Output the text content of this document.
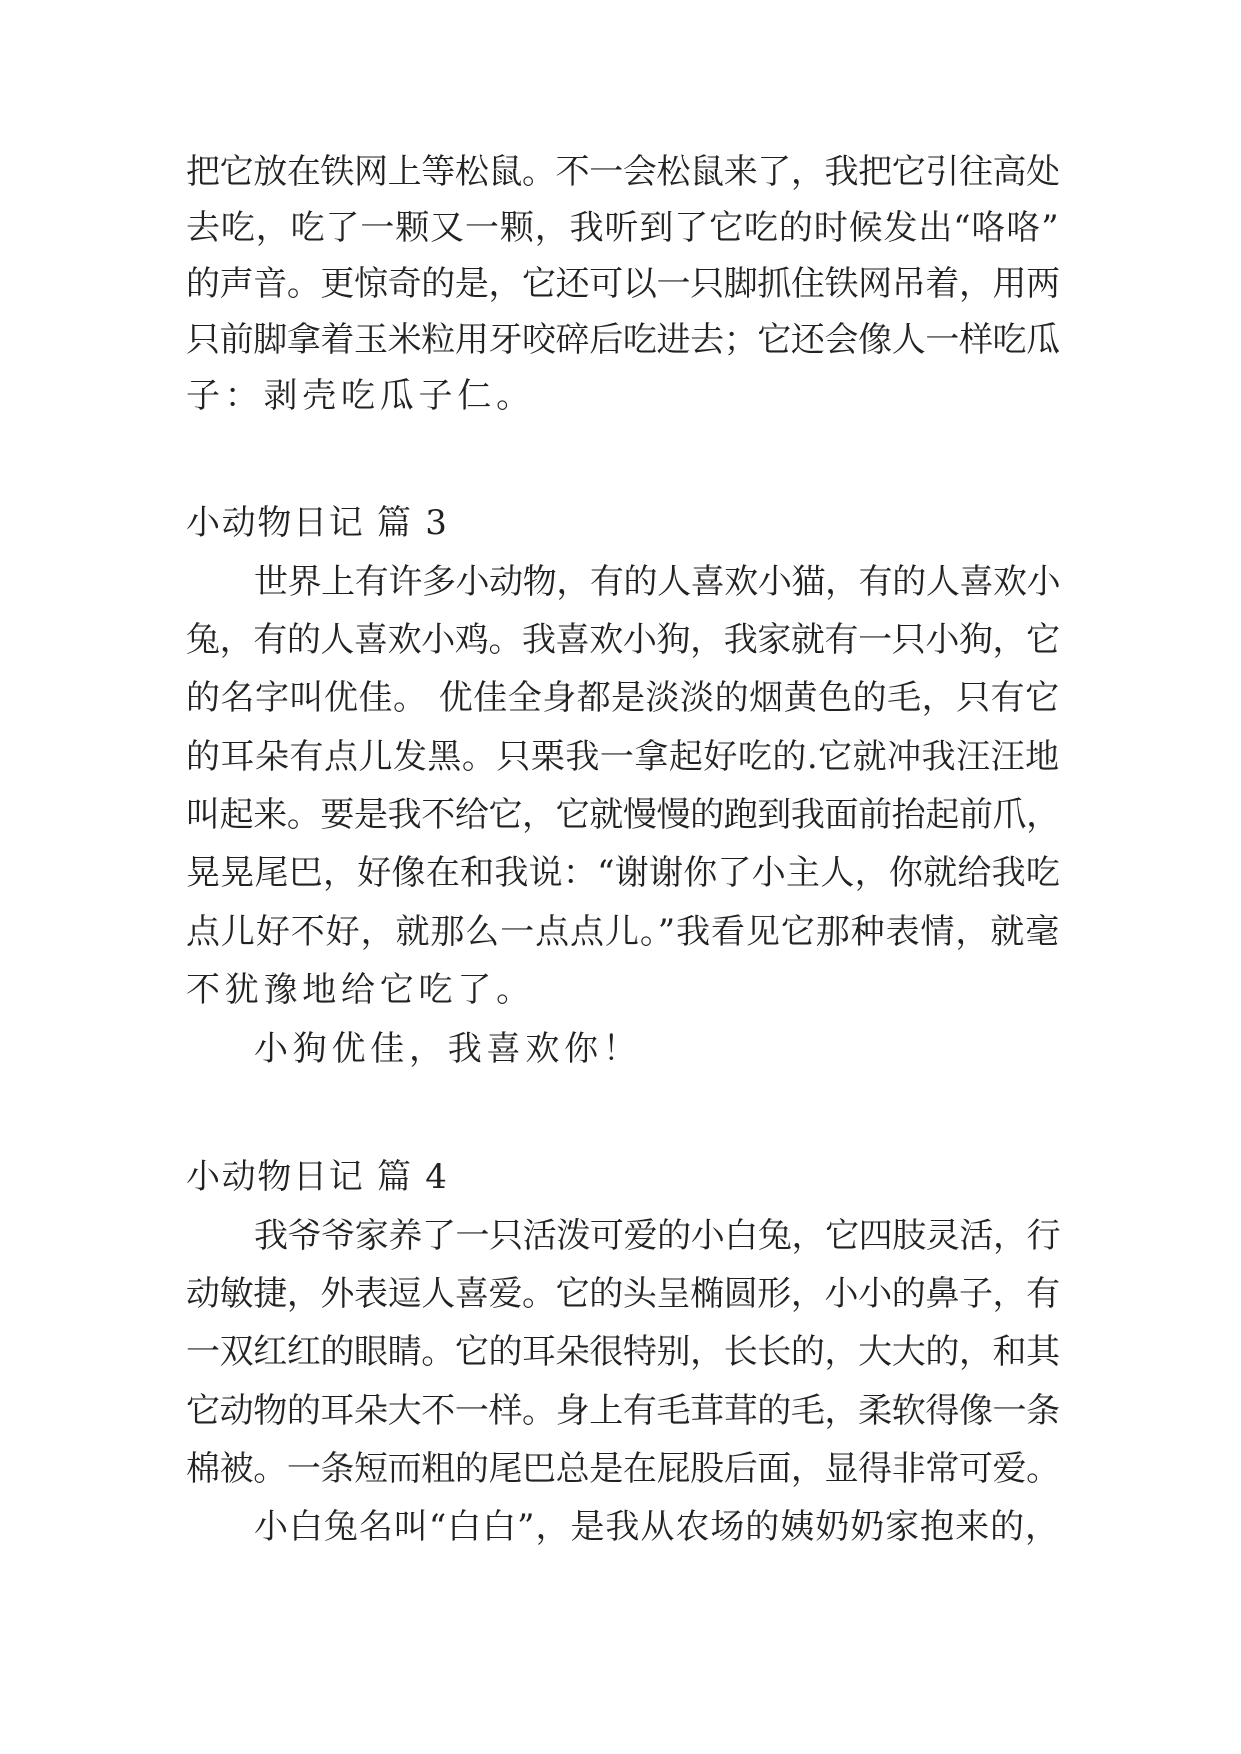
把它放在铁网上等松鼠。不一会松鼠来了，我把它引往高处
去吃，吃了一颗又一颗，我听到了它吃的时候发出“咯咯”
的声音。更惊奇的是，它还可以一只脚抓住铁网吊着，用两
只前脚拿着玉米粒用牙咬碎后吃进去；它还会像人一样吃瓜
子：剥壳吃瓜子仁。
小动物日记 篇 3
世界上有许多小动物，有的人喜欢小猫，有的人喜欢小
兔，有的人喜欢小鸡。我喜欢小狗，我家就有一只小狗，它
的名字叫优佳。 优佳全身都是淡淡的烟黄色的毛，只有它
的耳朵有点儿发黑。只栗我一拿起好吃的.它就冲我汪汪地
叫起来。要是我不给它，它就慢慢的跑到我面前抬起前爪，
晃晃尾巴，好像在和我说：“谢谢你了小主人，你就给我吃
点儿好不好，就那么一点点儿。”我看见它那种表情，就毫
不犹豫地给它吃了。
小狗优佳，我喜欢你！
小动物日记 篇 4
我爷爷家养了一只活泼可爱的小白兔，它四肢灵活，行
动敏捷，外表逗人喜爱。它的头呈椭圆形，小小的鼻子，有
一双红红的眼睛。它的耳朵很特别，长长的，大大的，和其
它动物的耳朵大不一样。身上有毛茸茸的毛，柔软得像一条
棉被。一条短而粗的尾巴总是在屁股后面，显得非常可爱。
小白兔名叫“白白”，是我从农场的姨奶奶家抱来的，
